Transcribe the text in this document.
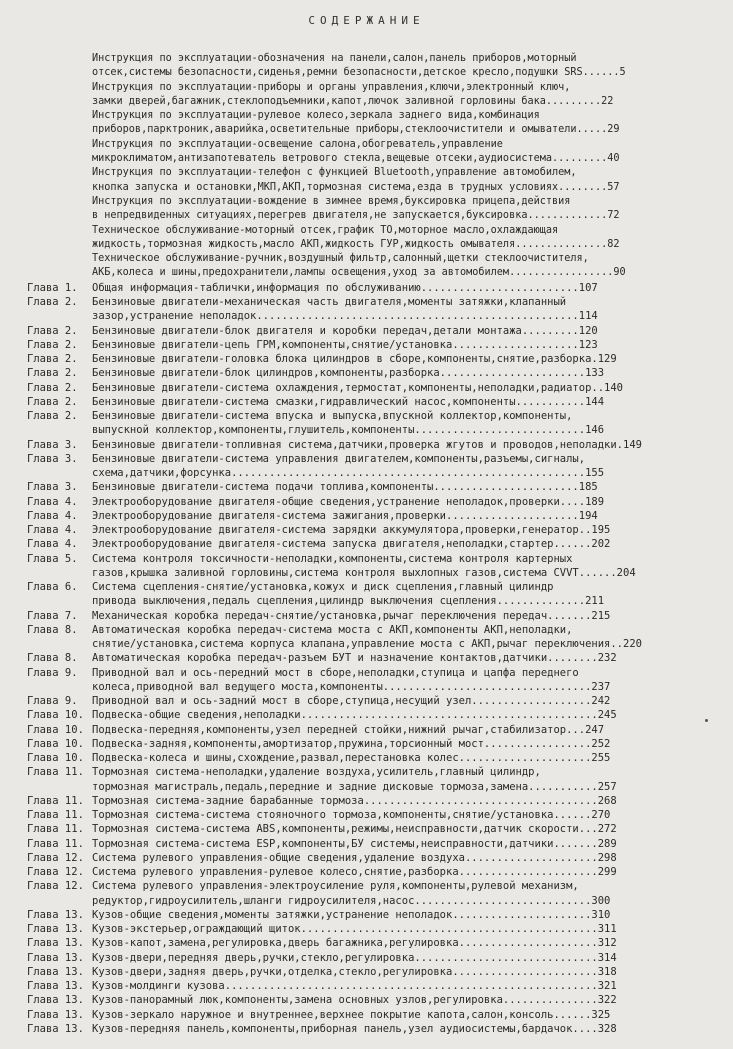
СОДЕРЖАНИЕ
Инструкция по эксплуатации-обозначения на панели,салон,панель приборов,моторный
отсек,системы безопасности,сиденья,ремни безопасности,детское кресло,подушки SRS......5
Инструкция по эксплуатации-приборы и органы управления,ключи,электронный ключ,
замки дверей,багажник,стеклоподъемники,капот,лючок заливной горловины бака.........22
Инструкция по эксплуатации-рулевое колесо,зеркала заднего вида,комбинация
приборов,парктроник,аварийка,осветительные приборы,стеклоочистители и омыватели.....29
Инструкция по эксплуатации-освещение салона,обогреватель,управление
микроклиматом,антизапотеватель ветрового стекла,вещевые отсеки,аудиосистема.........40
Инструкция по эксплуатации-телефон с функцией Bluetooth,управление автомобилем,
кнопка запуска и остановки,МКП,АКП,тормозная система,езда в трудных условиях........57
Инструкция по эксплуатации-вождение в зимнее время,буксировка прицепа,действия
в непредвиденных ситуациях,перегрев двигателя,не запускается,буксировка.............72
Техническое обслуживание-моторный отсек,график ТО,моторное масло,охлаждающая
жидкость,тормозная жидкость,масло АКП,жидкость ГУР,жидкость омывателя...............82
Техническое обслуживание-ручник,воздушный фильтр,салонный,щетки стеклоочистителя,
АКБ,колеса и шины,предохранители,лампы освещения,уход за автомобилем.................90
Глава 1.	Общая информация-таблички,информация по обслуживанию.........................107
Глава 2.	Бензиновые двигатели-механическая часть двигателя,моменты затяжки,клапанный
зазор,устранение неполадок...................................................114
Глава 2.	Бензиновые двигатели-блок двигателя и коробки передач,детали монтажа.........120
Глава 2.	Бензиновые двигатели-цепь ГРМ,компоненты,снятие/установка....................123
Глава 2.	Бензиновые двигатели-головка блока цилиндров в сборе,компоненты,снятие,разборка.129
Глава 2.	Бензиновые двигатели-блок цилиндров,компоненты,разборка.......................133
Глава 2.	Бензиновые двигатели-система охлаждения,термостат,компоненты,неполадки,радиатор..140
Глава 2.	Бензиновые двигатели-система смазки,гидравлический насос,компоненты...........144
Глава 2.	Бензиновые двигатели-система впуска и выпуска,впускной коллектор,компоненты,
выпускной коллектор,компоненты,глушитель,компоненты...........................146
Глава 3.	Бензиновые двигатели-топливная система,датчики,проверка жгутов и проводов,неполадки.149
Глава 3.	Бензиновые двигатели-система управления двигателем,компоненты,разъемы,сигналы,
схема,датчики,форсунка........................................................155
Глава 3.	Бензиновые двигатели-система подачи топлива,компоненты.......................185
Глава 4.	Электрооборудование двигателя-общие сведения,устранение неполадок,проверки....189
Глава 4.	Электрооборудование двигателя-система зажигания,проверки.....................194
Глава 4.	Электрооборудование двигателя-система зарядки аккумулятора,проверки,генератор..195
Глава 4.	Электрооборудование двигателя-система запуска двигателя,неполадки,стартер......202
Глава 5.	Система контроля токсичности-неполадки,компоненты,система контроля картерных
газов,крышка заливной горловины,система контроля выхлопных газов,система CVVT......204
Глава 6.	Система сцепления-снятие/установка,кожух и диск сцепления,главный цилиндр
привода выключения,педаль сцепления,цилиндр выключения сцепления..............211
Глава 7.	Механическая коробка передач-снятие/установка,рычаг переключения передач.......215
Глава 8.	Автоматическая коробка передач-система моста с АКП,компоненты АКП,неполадки,
снятие/установка,система корпуса клапана,управление моста с АКП,рычаг переключения..220
Глава 8.	Автоматическая коробка передач-разъем БУТ и назначение контактов,датчики........232
Глава 9.	Приводной вал и ось-передний мост в сборе,неполадки,ступица и цапфа переднего
колеса,приводной вал ведущего моста,компоненты.................................237
Глава 9.	Приводной вал и ось-задний мост в сборе,ступица,несущий узел...................242
Глава 10. Подвеска-общие сведения,неполадки...............................................245
Глава 10. Подвеска-передняя,компоненты,узел передней стойки,нижний рычаг,стабилизатор...247
Глава 10. Подвеска-задняя,компоненты,амортизатор,пружина,торсионный мост.................252
Глава 10. Подвеска-колеса и шины,схождение,развал,перестановка колес.....................255
Глава 11. Тормозная система-неполадки,удаление воздуха,усилитель,главный цилиндр,
тормозная магистраль,педаль,передние и задние дисковые тормоза,замена...........257
Глава 11. Тормозная система-задние барабанные тормоза.....................................268
Глава 11. Тормозная система-система стояночного тормоза,компоненты,снятие/установка......270
Глава 11. Тормозная система-система ABS,компоненты,режимы,неисправности,датчик скорости...272
Глава 11. Тормозная система-система ESP,компоненты,БУ системы,неисправности,датчики.......289
Глава 12. Система рулевого управления-общие сведения,удаление воздуха.....................298
Глава 12. Система рулевого управления-рулевое колесо,снятие,разборка......................299
Глава 12. Система рулевого управления-электроусиление руля,компоненты,рулевой механизм,
редуктор,гидроусилитель,шланги гидроусилителя,насос............................300
Глава 13. Кузов-общие сведения,моменты затяжки,устранение неполадок......................310
Глава 13. Кузов-экстерьер,ограждающий щиток...............................................311
Глава 13. Кузов-капот,замена,регулировка,дверь багажника,регулировка......................312
Глава 13. Кузов-двери,передняя дверь,ручки,стекло,регулировка.............................314
Глава 13. Кузов-двери,задняя дверь,ручки,отделка,стекло,регулировка.......................318
Глава 13. Кузов-молдинги кузова...........................................................321
Глава 13. Кузов-панорамный люк,компоненты,замена основных узлов,регулировка...............322
Глава 13. Кузов-зеркало наружное и внутреннее,верхнее покрытие капота,салон,консоль......325
Глава 13. Кузов-передняя панель,компоненты,приборная панель,узел аудиосистемы,бардачок....328
